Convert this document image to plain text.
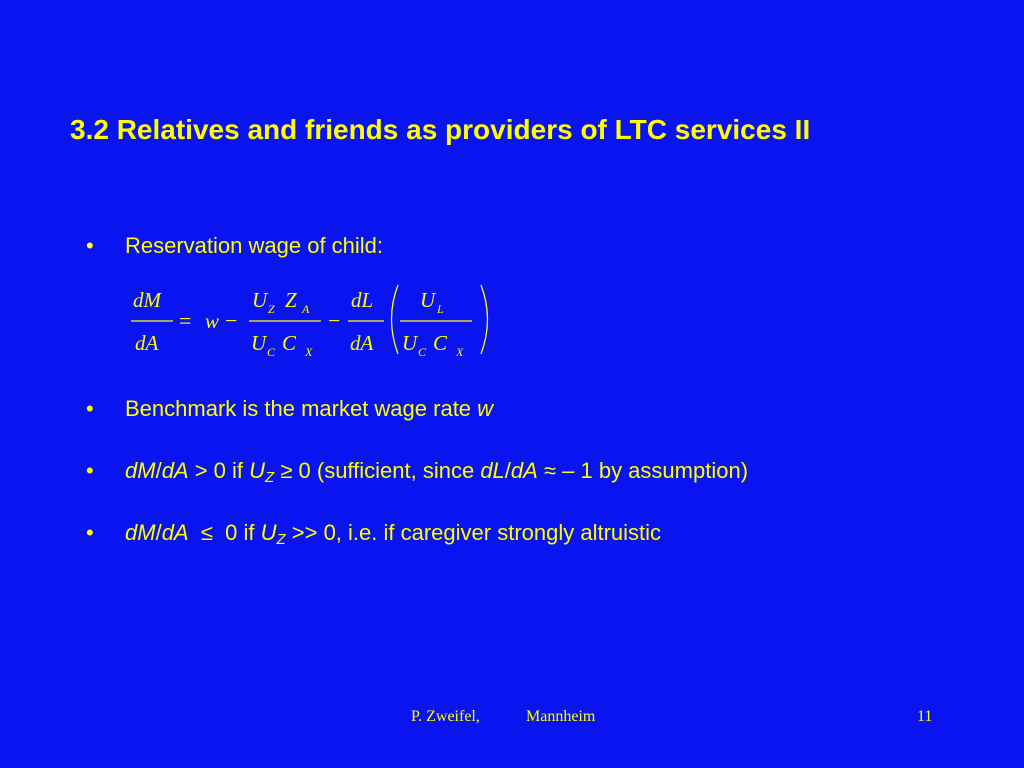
3.2 Relatives and friends as providers of LTC services II
• Reservation wage of child:
dM
dA
= w −
U Z Z A
U C C X
−
dL
dA
U L
U C C X
• Benchmark is the market wage rate w
• dM/dA > 0 if $U_Z \ge 0$ (sufficient, since dL/dA ≈ – 1 by assumption)
• dM/dA  ≤  0 if $U_Z >> 0$, i.e. if caregiver strongly altruistic
P. Zweifel,	Mannheim	11
